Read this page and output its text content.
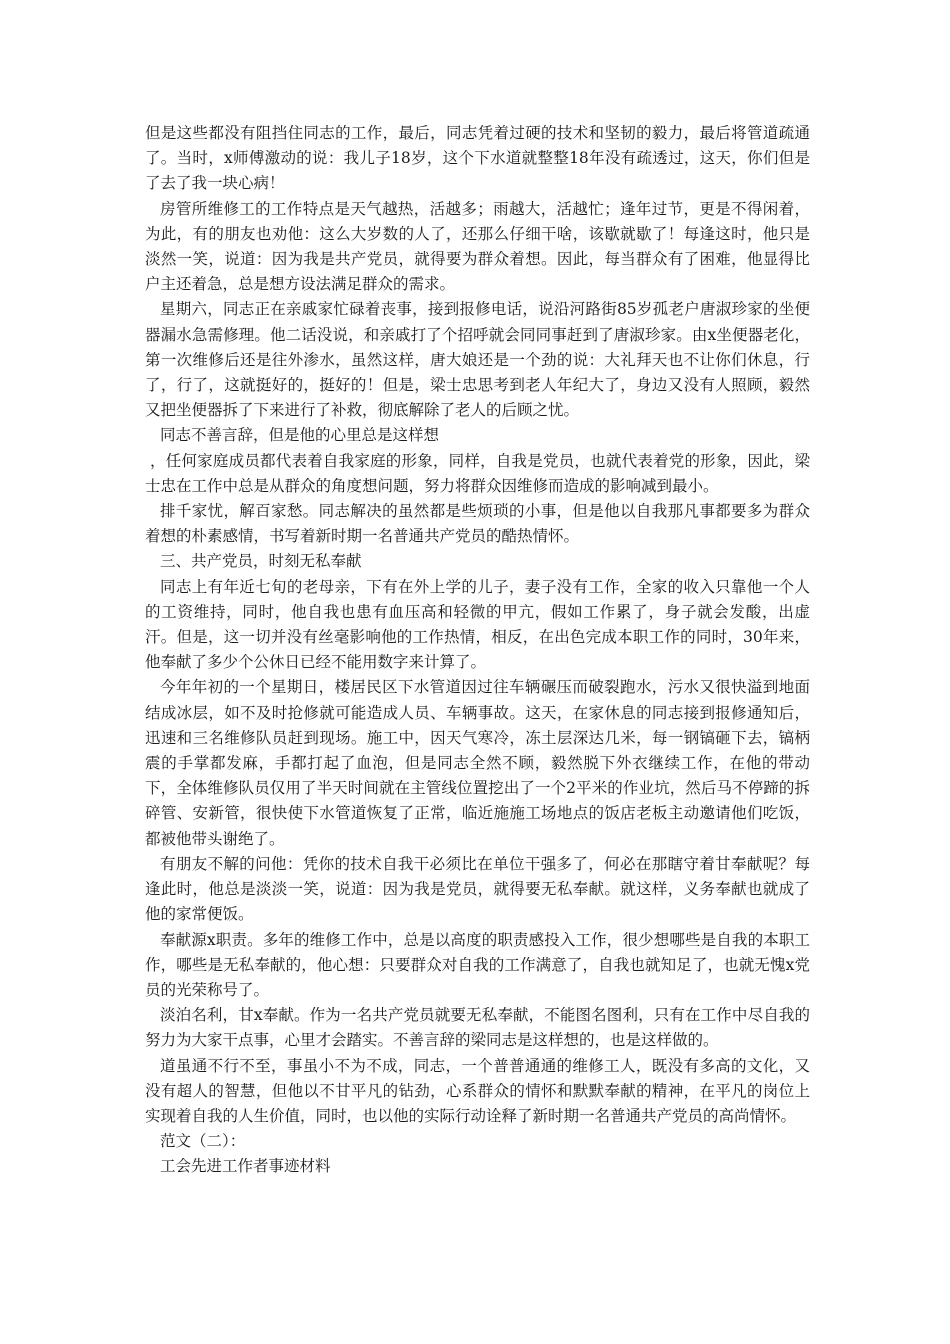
但是这些都没有阻挡住同志的工作，最后，同志凭着过硬的技术和坚韧的毅力，最后将管道疏通了。当时，x师傅激动的说：我儿子18岁，这个下水道就整整18年没有疏透过，这天，你们但是了去了我一块心病！

房管所维修工的工作特点是天气越热，活越多；雨越大，活越忙；逢年过节，更是不得闲着，为此，有的朋友也劝他：这么大岁数的人了，还那么仔细干啥，该歇就歇了！每逢这时，他只是淡然一笑，说道：因为我是共产党员，就得要为群众着想。因此，每当群众有了困难，他显得比户主还着急，总是想方设法满足群众的需求。

星期六，同志正在亲戚家忙碌着丧事，接到报修电话，说沿河路街85岁孤老户唐淑珍家的坐便器漏水急需修理。他二话没说，和亲戚打了个招呼就会同同事赶到了唐淑珍家。由x坐便器老化，第一次维修后还是往外渗水，虽然这样，唐大娘还是一个劲的说：大礼拜天也不让你们休息，行了，行了，这就挺好的，挺好的！但是，梁士忠思考到老人年纪大了，身边又没有人照顾，毅然又把坐便器拆了下来进行了补救，彻底解除了老人的后顾之忧。

同志不善言辞，但是他的心里总是这样想

，任何家庭成员都代表着自我家庭的形象，同样，自我是党员，也就代表着党的形象，因此，梁士忠在工作中总是从群众的角度想问题，努力将群众因维修而造成的影响减到最小。

排千家忧，解百家愁。同志解决的虽然都是些烦琐的小事，但是他以自我那凡事都要多为群众着想的朴素感情，书写着新时期一名普通共产党员的酷热情怀。

三、共产党员，时刻无私奉献

同志上有年近七旬的老母亲，下有在外上学的儿子，妻子没有工作，全家的收入只靠他一个人的工资维持，同时，他自我也患有血压高和轻微的甲亢，假如工作累了，身子就会发酸，出虚汗。但是，这一切并没有丝毫影响他的工作热情，相反，在出色完成本职工作的同时，30年来，他奉献了多少个公休日已经不能用数字来计算了。

今年年初的一个星期日，楼居民区下水管道因过往车辆碾压而破裂跑水，污水又很快溢到地面结成冰层，如不及时抢修就可能造成人员、车辆事故。这天，在家休息的同志接到报修通知后，迅速和三名维修队员赶到现场。施工中，因天气寒冷，冻土层深达几米，每一钢镐砸下去，镐柄震的手掌都发麻，手都打起了血泡，但是同志全然不顾，毅然脱下外衣继续工作，在他的带动下，全体维修队员仅用了半天时间就在主管线位置挖出了一个2平米的作业坑，然后马不停蹄的拆碎管、安新管，很快使下水管道恢复了正常，临近施施工场地点的饭店老板主动邀请他们吃饭，都被他带头谢绝了。

有朋友不解的问他：凭你的技术自我干必须比在单位干强多了，何必在那瞎守着甘奉献呢？每逢此时，他总是淡淡一笑，说道：因为我是党员，就得要无私奉献。就这样，义务奉献也就成了他的家常便饭。

奉献源x职责。多年的维修工作中，总是以高度的职责感投入工作，很少想哪些是自我的本职工作，哪些是无私奉献的，他心想：只要群众对自我的工作满意了，自我也就知足了，也就无愧x党员的光荣称号了。

淡泊名利，甘x奉献。作为一名共产党员就要无私奉献，不能图名图利，只有在工作中尽自我的努力为大家干点事，心里才会踏实。不善言辞的梁同志是这样想的，也是这样做的。

道虽通不行不至，事虽小不为不成，同志，一个普普通通的维修工人，既没有多高的文化，又没有超人的智慧，但他以不甘平凡的钻劲，心系群众的情怀和默默奉献的精神，在平凡的岗位上实现着自我的人生价值，同时，也以他的实际行动诠释了新时期一名普通共产党员的高尚情怀。

范文（二）：

工会先进工作者事迹材料
